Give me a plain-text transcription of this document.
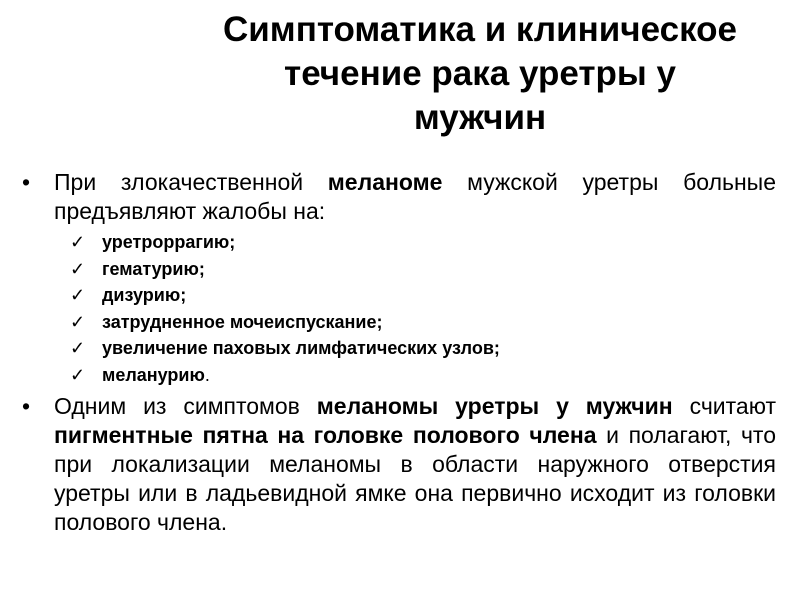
Симптоматика и клиническое
течение рака уретры у
мужчин
• При злокачественной меланоме мужской уретры больные предъявляют жалобы на:
✓ уретроррагию;
✓ гематурию;
✓ дизурию;
✓ затрудненное мочеиспускание;
✓ увеличение паховых лимфатических узлов;
✓ меланурию.
• Одним из симптомов меланомы уретры у мужчин считают пигментные пятна на головке полового члена и полагают, что при локализации меланомы в области наружного отверстия уретры или в ладьевидной ямке она первично исходит из головки полового члена.
